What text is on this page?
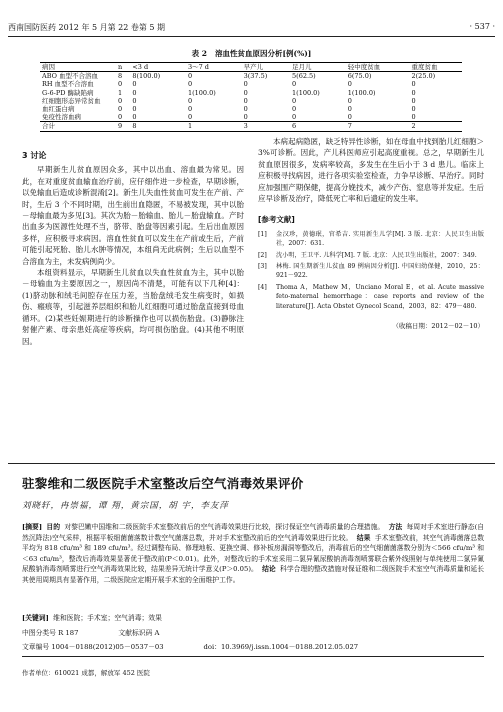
西南国防医药 2012 年 5 月第 22 卷第 5 期	· 537 ·
表 2 溶血性贫血原因分析[例(%)]
病因	n	<3 d	3～7 d	早产儿	足月儿	轻中度贫血	重度贫血
ABO 血型不合溶血	8	8(100.0)	0	3(37.5)	5(62.5)	6(75.0)	2(25.0)
RH 血型不合溶血	0	0	0	0	0	0	0
G-6-PD 酶缺陷病	1	0	1(100.0)	0	1(100.0)	1(100.0)	0
红细胞形态异常贫血	0	0	0	0	0	0	0
血红蛋白病	0	0	0	0	0	0	0
免疫性溶血病	0	0	0	0	0	0	0
合计	9	8	1	3	6	7	2
3 讨论

早期新生儿贫血原因众多，其中以出血、溶血最为常见。因此，在对重度贫血输血治疗前，应仔细作进一步检查，早期诊断，以免输血后造成诊断混淆[2]。新生儿失血性贫血可发生在产前、产时，生后 3 个不同时期，出生前出血隐匿，不易被发现，其中以胎－母输血最为多见[3]。其次为胎－胎输血、胎儿－胎盘输血。产时出血多为医源性处理不当，脐带、胎盘等因素引起。生后出血原因多样，应积极寻求病因。溶血性贫血可以发生在产前或生后，产前可能引起死胎、胎儿水肿等情况，本组尚无此病例；生后以血型不合溶血为主，未发病例尚少。

本组资料显示，早期新生儿贫血以失血性贫血为主，其中以胎－母输血为主要原因之一，原因尚不清楚，可能有以下几种[4]：(1)脐动脉和绒毛间腔存在压力差，当胎盘绒毛发生病变时，如损伤、瘢痕等，引起滋养层组织和胎儿红细胞可通过胎盘直接到母血循环。(2)某些妊娠期进行的诊断操作也可以损伤胎盘。(3)静脉注射催产素、母亲患妊高症等疾病，均可损伤胎盘。(4)其他不明原因。

本病起病隐匿，缺乏特异性诊断，如在母血中找到胎儿红细胞＞3%可诊断。因此，产儿科医师应引起高度重视。总之，早期新生儿贫血原因很多，发病率较高，多发生在生后小于 3 d 患儿。临床上应积极寻找病因，进行各项实验室检查，力争早诊断、早治疗。同时应加强围产期保健，提高分娩技术，减少产伤、窒息等并发症。生后应早诊断及治疗，降低死亡率和后遗症的发生率。

[参考文献]
[1]	金汉珍，黄德珉，官希吉. 实用新生儿学[M]. 3 版. 北京：人民卫生出版社，2007：631.
[2]	沈小明，王卫平. 儿科学[M]. 7 版. 北京：人民卫生出版社，2007：349.
[3]	林梅. 国生期新生儿贫血 89 例病因分析[J]. 中国妇幼保健，2010，25：921－922.
[4]	Thoma A，Mathew M，Unciano Moral E，et al. Acute massive feto-maternal hemorrhage：case reports and review of the literature[J]. Acta Obstet Gynecol Scand，2003，82：479－480.
（收稿日期：2012－02－10）
驻黎维和二级医院手术室整改后空气消毒效果评价
刘晓轩，冉崇福，谭 翔，黄宗国，胡 宇，李友萍
[摘要] 目的 对黎巴嫩中国维和二级医院手术室整改前后的空气消毒效果进行比较，探讨保证空气消毒质量的合理措施。 方法 每周对手术室进行静态(自然沉降法)空气采样，根据平板细菌菌落数计数空气菌落总数，并对手术室整改前后的空气消毒效果进行比较。 结果 手术室整改前，其空气消毒菌落总数平均为 818 cfu/m³ 和 189 cfu/m³。经过调整布局、修理地板、更换空调、修补板房漏洞等整改后，消毒前后的空气细菌菌落数分别为＜566 cfu/m³ 和＜63 cfu/m³，整改后消毒效果显著优于整改前(P＜0.01)。此外，对整改后的手术室采用二氯异氰尿酸钠消毒剂喷雾联合紫外线照射与单纯使用二氯异氰尿酸钠消毒剂喷雾进行空气消毒效果比较，结果差异无统计学意义(P＞0.05)。 结论 科学合理的整改措施对保证维和二级医院手术室空气消毒质量和延长其使用周期具有显著作用，二级医院应定期开展手术室的全面维护工作。
[关键词] 维和医院；手术室；空气消毒；效果
中图分类号 R 187	文献标识码 A
文章编号 1004－0188(2012)05－0537－03	doi：10.3969/j.issn.1004－0188.2012.05.027
作者单位：610021 成都，解放军 452 医院
